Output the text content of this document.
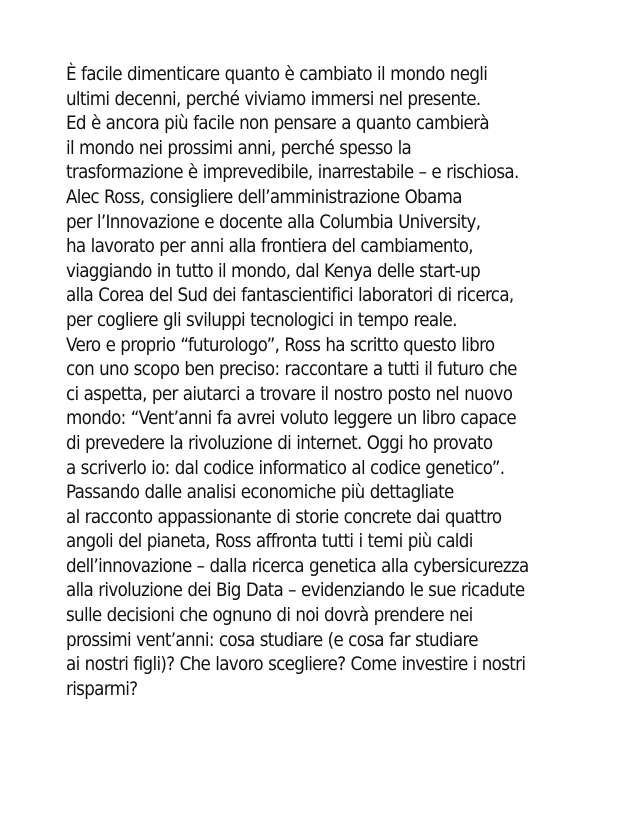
È facile dimenticare quanto è cambiato il mondo negli
ultimi decenni, perché viviamo immersi nel presente.
Ed è ancora più facile non pensare a quanto cambierà
il mondo nei prossimi anni, perché spesso la
trasformazione è imprevedibile, inarrestabile – e rischiosa.
Alec Ross, consigliere dell’amministrazione Obama
per l’Innovazione e docente alla Columbia University,
ha lavorato per anni alla frontiera del cambiamento,
viaggiando in tutto il mondo, dal Kenya delle start-up
alla Corea del Sud dei fantascientifici laboratori di ricerca,
per cogliere gli sviluppi tecnologici in tempo reale.
Vero e proprio “futurologo”, Ross ha scritto questo libro
con uno scopo ben preciso: raccontare a tutti il futuro che
ci aspetta, per aiutarci a trovare il nostro posto nel nuovo
mondo: “Vent’anni fa avrei voluto leggere un libro capace
di prevedere la rivoluzione di internet. Oggi ho provato
a scriverlo io: dal codice informatico al codice genetico”.
Passando dalle analisi economiche più dettagliate
al racconto appassionante di storie concrete dai quattro
angoli del pianeta, Ross affronta tutti i temi più caldi
dell’innovazione – dalla ricerca genetica alla cybersicurezza
alla rivoluzione dei Big Data – evidenziando le sue ricadute
sulle decisioni che ognuno di noi dovrà prendere nei
prossimi vent’anni: cosa studiare (e cosa far studiare
ai nostri figli)? Che lavoro scegliere? Come investire i nostri
risparmi?
